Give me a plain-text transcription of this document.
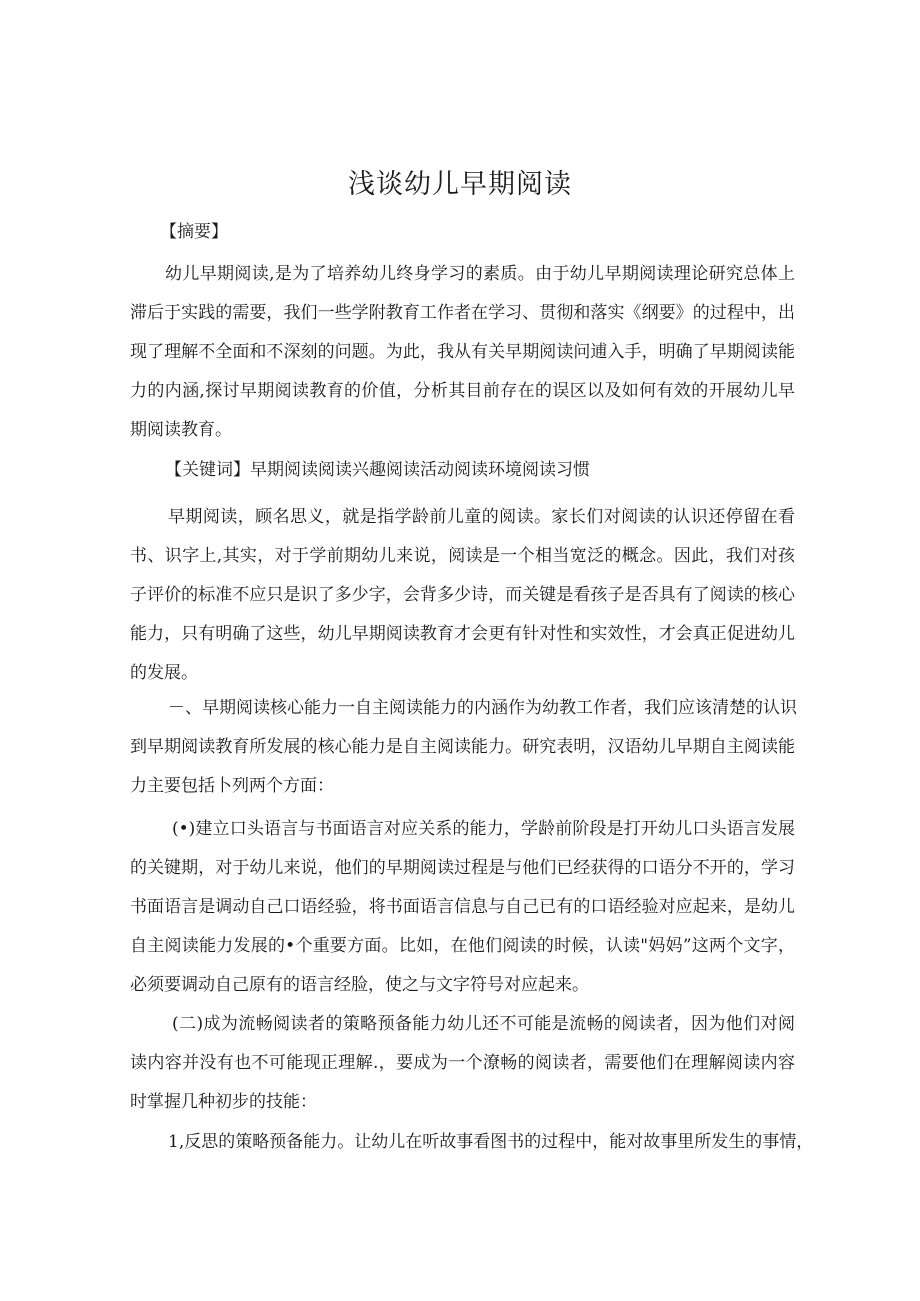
浅谈幼儿早期阅读

【摘要】

幼儿早期阅读,是为了培养幼儿终身学习的素质。由于幼儿早期阅读理论研究总体上
滞后于实践的需要，我们一些学附教育工作者在学习、贯彻和落实《纲要》的过程中，出
现了理解不全面和不深刻的问题。为此，我从有关早期阅读问逋入手，明确了早期阅读能
力的内涵,探讨早期阅读教育的价值，分析其目前存在的误区以及如何有效的开展幼儿早
期阅读教育。
【关键词】早期阅读阅读兴趣阅读活动阅读环境阅读习惯
早期阅读，顾名思义，就是指学龄前儿童的阅读。家长们对阅读的认识还停留在看
书、识字上,其实，对于学前期幼儿来说，阅读是一个相当宽泛的概念。因此，我们对孩
子评价的标准不应只是识了多少字，会背多少诗，而关键是看孩子是否具有了阅读的核心
能力，只有明确了这些，幼儿早期阅读教育才会更有针对性和实效性，才会真正促进幼儿
的发展。
－、早期阅读核心能力一自主阅读能力的内涵作为幼教工作者，我们应该清楚的认识
到早期阅读教育所发展的核心能力是自主阅读能力。研究表明，汉语幼儿早期自主阅读能
力主要包括卜列两个方面：
(•)建立口头语言与书面语言对应关系的能力，学龄前阶段是打开幼儿口头语言发展
的关键期，对于幼儿来说，他们的早期阅读过程是与他们已经获得的口语分不开的，学习
书面语言是调动自己口语经验，将书面语言信息与自己已有的口语经验对应起来，是幼儿
自主阅读能力发展的•个重要方面。比如，在他们阅读的时候，认读"妈妈”这两个文字，
必须要调动自己原有的语言经脸，使之与文字符号对应起来。
(二)成为流畅阅读者的策略预备能力幼儿还不可能是流畅的阅读者，因为他们对阅
读内容并没有也不可能现正理解.，要成为一个潦畅的阅读者，需要他们在理解阅读内容
时掌握几种初步的技能：
1,反思的策略预备能力。让幼儿在听故事看图书的过程中，能对故事里所发生的事情，
